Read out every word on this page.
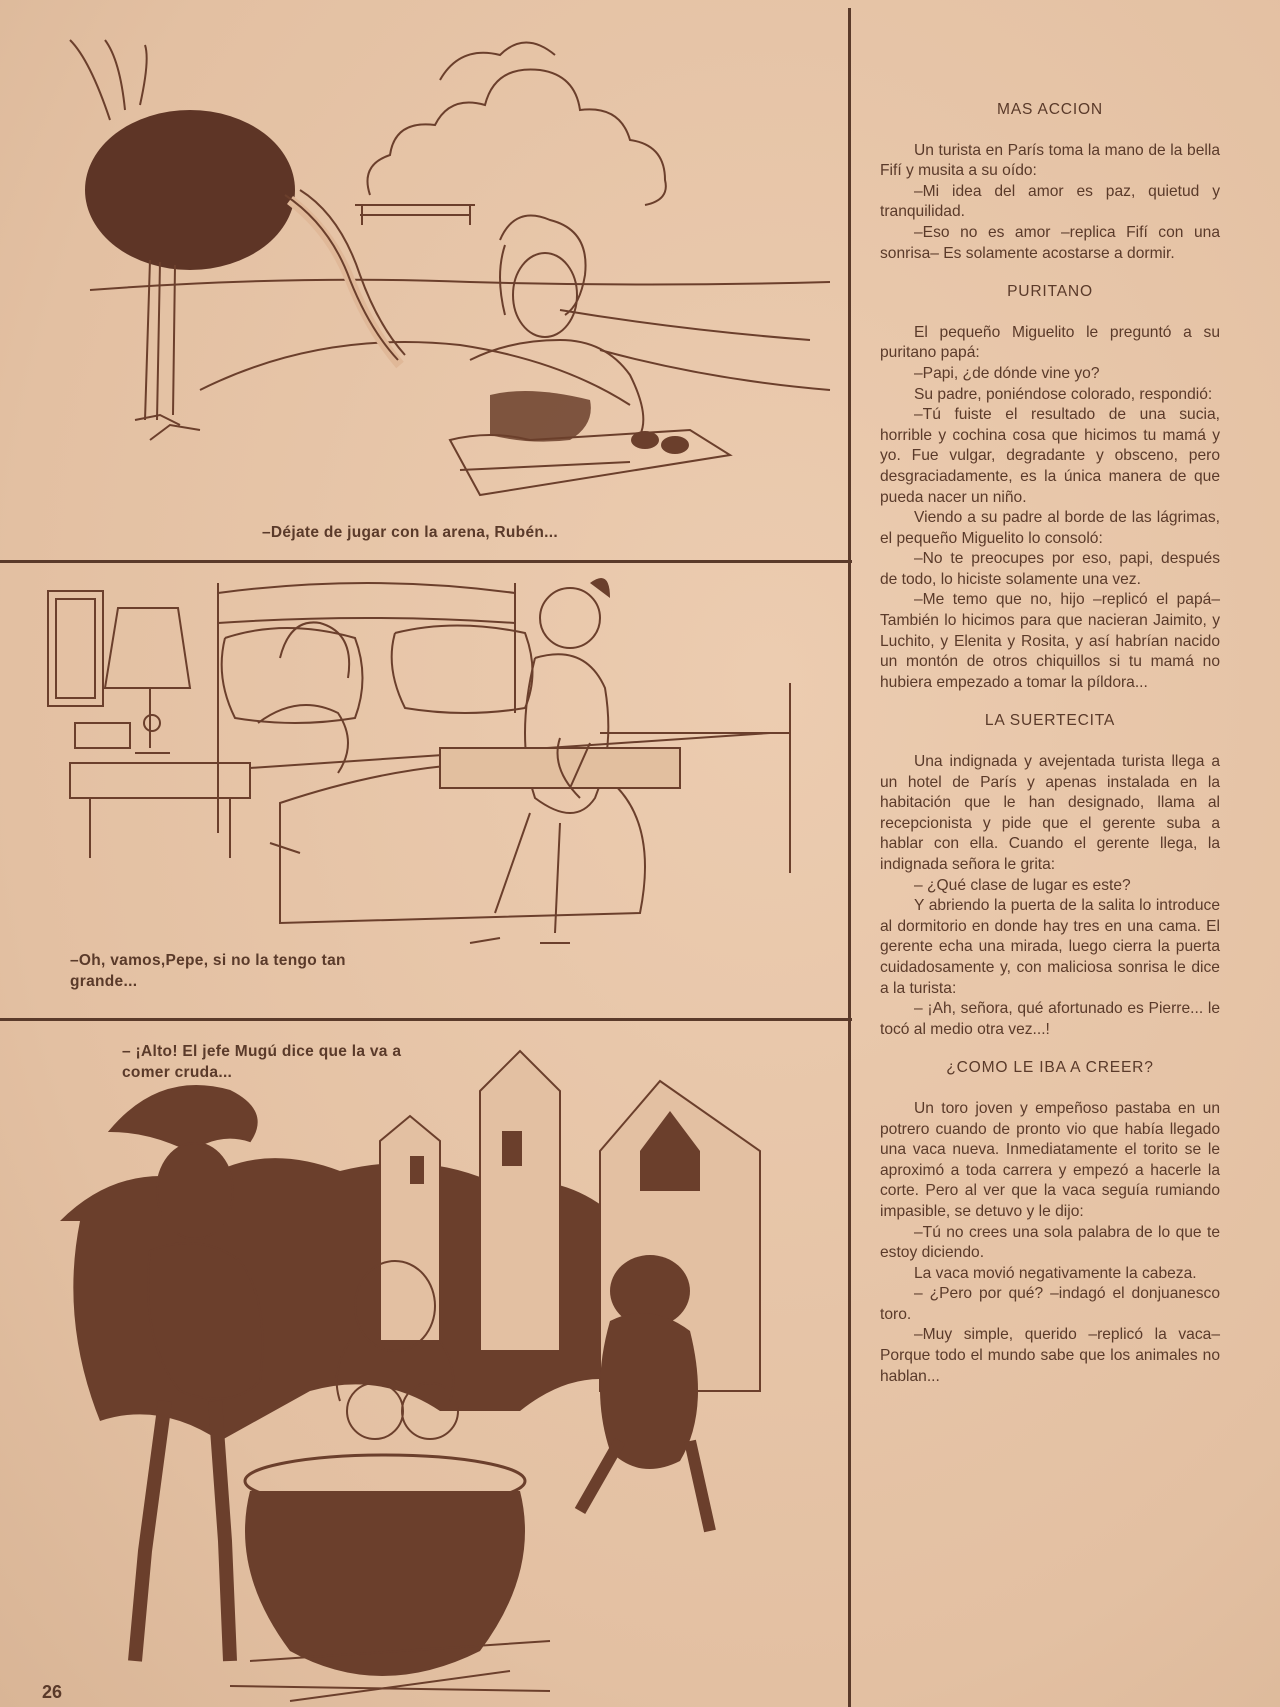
–Déjate de jugar con la arena, Rubén...
–Oh, vamos,Pepe, si no la tengo tan grande...
– ¡Alto! El jefe Mugú dice que la va a comer cruda...
26
MAS ACCION

Un turista en París toma la mano de la bella Fifí y musita a su oído:

–Mi idea del amor es paz, quietud y tranquilidad.

–Eso no es amor –replica Fifí con una sonrisa– Es solamente acostarse a dormir.

PURITANO

El pequeño Miguelito le preguntó a su puritano papá:

–Papi, ¿de dónde vine yo?

Su padre, poniéndose colorado, respondió:

–Tú fuiste el resultado de una sucia, horrible y cochina cosa que hicimos tu mamá y yo. Fue vulgar, degradante y obsceno, pero desgraciadamente, es la única manera de que pueda nacer un niño.

Viendo a su padre al borde de las lágrimas, el pequeño Miguelito lo consoló:

–No te preocupes por eso, papi, después de todo, lo hiciste solamente una vez.

–Me temo que no, hijo –replicó el papá– También lo hicimos para que nacieran Jaimito, y Luchito, y Elenita y Rosita, y así habrían nacido un montón de otros chiquillos si tu mamá no hubiera empezado a tomar la píldora...

LA SUERTECITA

Una indignada y avejentada turista llega a un hotel de París y apenas instalada en la habitación que le han designado, llama al recepcionista y pide que el gerente suba a hablar con ella. Cuando el gerente llega, la indignada señora le grita:

– ¿Qué clase de lugar es este?

Y abriendo la puerta de la salita lo introduce al dormitorio en donde hay tres en una cama. El gerente echa una mirada, luego cierra la puerta cuidadosamente y, con maliciosa sonrisa le dice a la turista:

– ¡Ah, señora, qué afortunado es Pierre... le tocó al medio otra vez...!

¿COMO LE IBA A CREER?

Un toro joven y empeñoso pastaba en un potrero cuando de pronto vio que había llegado una vaca nueva. Inmediatamente el torito se le aproximó a toda carrera y empezó a hacerle la corte. Pero al ver que la vaca seguía rumiando impasible, se detuvo y le dijo:

–Tú no crees una sola palabra de lo que te estoy diciendo.

La vaca movió negativamente la cabeza.

– ¿Pero por qué? –indagó el donjuanesco toro.

–Muy simple, querido –replicó la vaca– Porque todo el mundo sabe que los animales no hablan...
